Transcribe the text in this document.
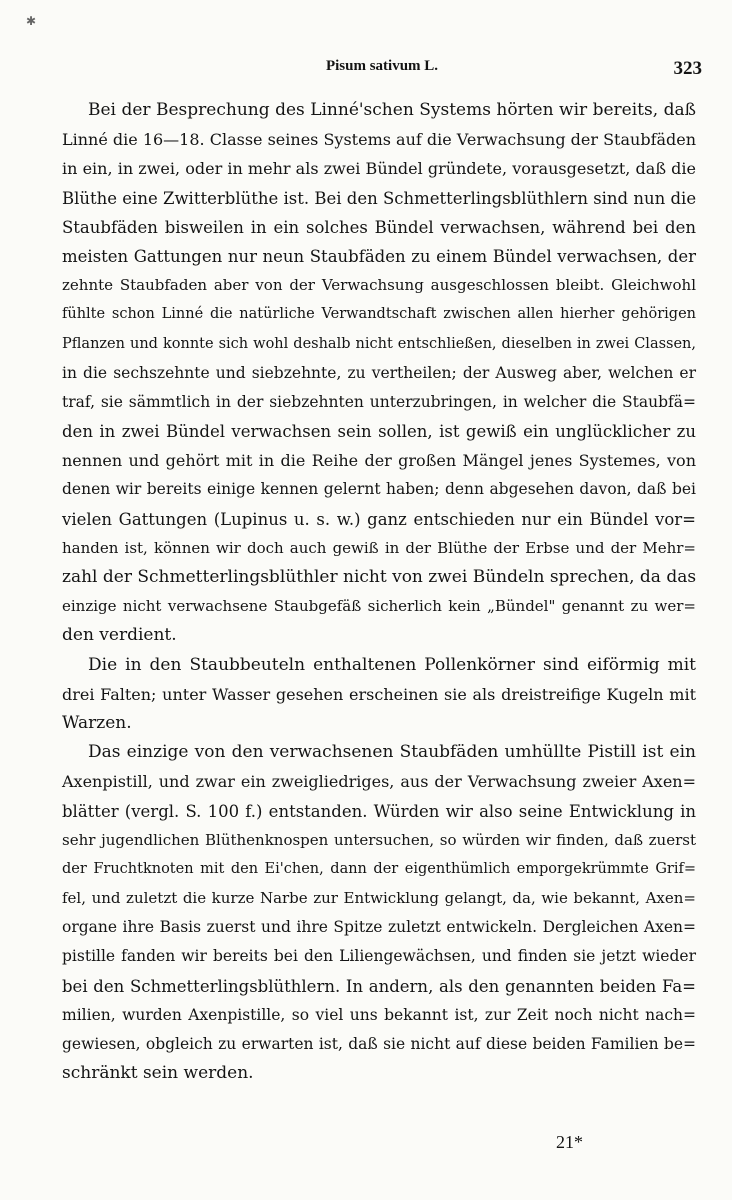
✱
Pisum sativum L.	323
Bei der Besprechung des Linné'schen Systems hörten wir bereits, daß
Linné die 16—18. Classe seines Systems auf die Verwachsung der Staubfäden
in ein, in zwei, oder in mehr als zwei Bündel gründete, vorausgesetzt, daß die
Blüthe eine Zwitterblüthe ist. Bei den Schmetterlingsblüthlern sind nun die
Staubfäden bisweilen in ein solches Bündel verwachsen, während bei den
meisten Gattungen nur neun Staubfäden zu einem Bündel verwachsen, der
zehnte Staubfaden aber von der Verwachsung ausgeschlossen bleibt. Gleichwohl
fühlte schon Linné die natürliche Verwandtschaft zwischen allen hierher gehörigen
Pflanzen und konnte sich wohl deshalb nicht entschließen, dieselben in zwei Classen,
in die sechszehnte und siebzehnte, zu vertheilen; der Ausweg aber, welchen er
traf, sie sämmtlich in der siebzehnten unterzubringen, in welcher die Staubfä=
den in zwei Bündel verwachsen sein sollen, ist gewiß ein unglücklicher zu
nennen und gehört mit in die Reihe der großen Mängel jenes Systemes, von
denen wir bereits einige kennen gelernt haben; denn abgesehen davon, daß bei
vielen Gattungen (Lupinus u. s. w.) ganz entschieden nur ein Bündel vor=
handen ist, können wir doch auch gewiß in der Blüthe der Erbse und der Mehr=
zahl der Schmetterlingsblüthler nicht von zwei Bündeln sprechen, da das
einzige nicht verwachsene Staubgefäß sicherlich kein „Bündel" genannt zu wer=
den verdient.
Die in den Staubbeuteln enthaltenen Pollenkörner sind eiförmig mit
drei Falten; unter Wasser gesehen erscheinen sie als dreistreifige Kugeln mit
Warzen.
Das einzige von den verwachsenen Staubfäden umhüllte Pistill ist ein
Axenpistill, und zwar ein zweigliedriges, aus der Verwachsung zweier Axen=
blätter (vergl. S. 100 f.) entstanden. Würden wir also seine Entwicklung in
sehr jugendlichen Blüthenknospen untersuchen, so würden wir finden, daß zuerst
der Fruchtknoten mit den Ei'chen, dann der eigenthümlich emporgekrümmte Grif=
fel, und zuletzt die kurze Narbe zur Entwicklung gelangt, da, wie bekannt, Axen=
organe ihre Basis zuerst und ihre Spitze zuletzt entwickeln. Dergleichen Axen=
pistille fanden wir bereits bei den Liliengewächsen, und finden sie jetzt wieder
bei den Schmetterlingsblüthlern. In andern, als den genannten beiden Fa=
milien, wurden Axenpistille, so viel uns bekannt ist, zur Zeit noch nicht nach=
gewiesen, obgleich zu erwarten ist, daß sie nicht auf diese beiden Familien be=
schränkt sein werden.
21*
